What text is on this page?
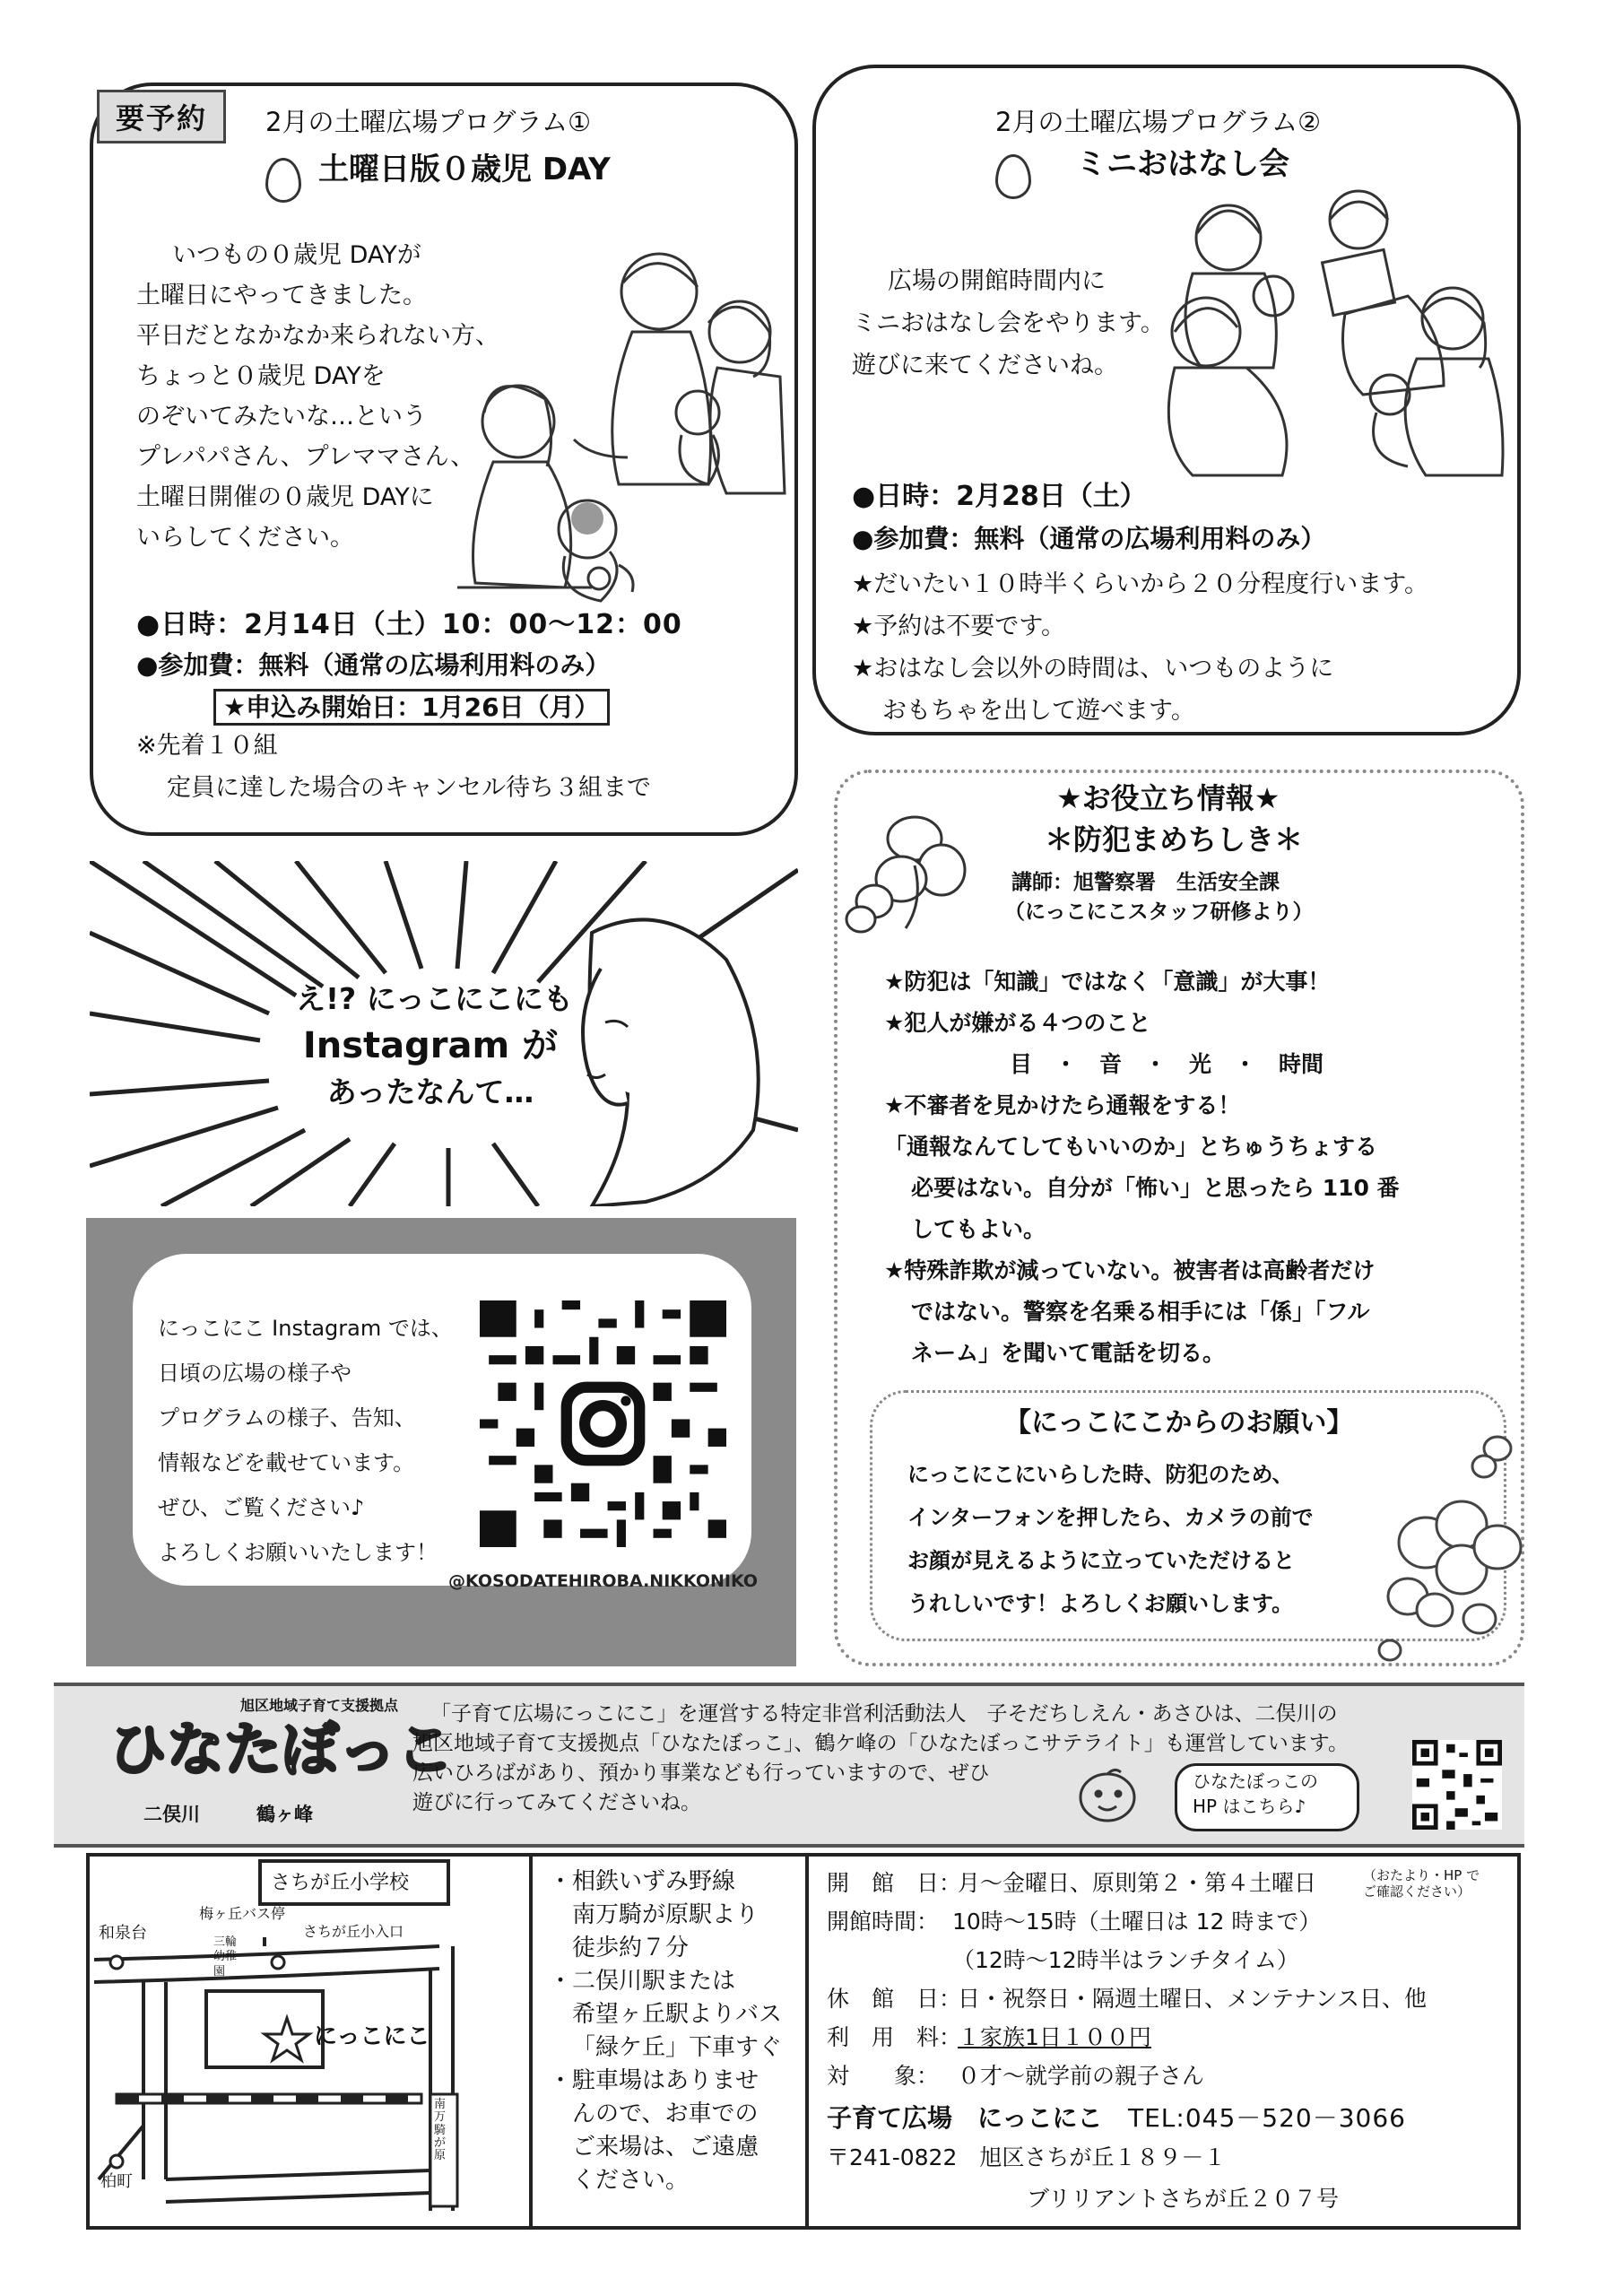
要予約	2月の土曜広場プログラム①
土曜日版０歳児 DAY
いつもの０歳児 DAYが
土曜日にやってきました。
平日だとなかなか来られない方、
ちょっと０歳児 DAYを
のぞいてみたいな…という
プレパパさん、プレママさん、
土曜日開催の０歳児 DAYに
いらしてください。
●日時：2月14日（土）10：00～12：00
●参加費：無料（通常の広場利用料のみ）
★申込み開始日：1月26日（月）
※先着１０組
定員に達した場合のキャンセル待ち３組まで
2月の土曜広場プログラム②
ミニおはなし会
広場の開館時間内に
ミニおはなし会をやります。
遊びに来てくださいね。
●日時：2月28日（土）
●参加費：無料（通常の広場利用料のみ）
★だいたい１０時半くらいから２０分程度行います。
★予約は不要です。
★おはなし会以外の時間は、いつものように
おもちゃを出して遊べます。
え!? にっこにこにも
Instagram が
あったなんて…
にっこにこ Instagram では、
日頃の広場の様子や
プログラムの様子、告知、
情報などを載せています。
ぜひ、ご覧ください♪
よろしくお願いいたします！
@KOSODATEHIROBA.NIKKONIKO
★お役立ち情報★
＊防犯まめちしき＊
講師：旭警察署　生活安全課
（にっこにこスタッフ研修より）
★防犯は「知識」ではなく「意識」が大事！
★犯人が嫌がる４つのこと
目　・　音　・　光　・　時間
★不審者を見かけたら通報をする！
「通報なんてしてもいいのか」とちゅうちょする
必要はない。自分が「怖い」と思ったら 110 番
してもよい。
★特殊詐欺が減っていない。被害者は高齢者だけ
ではない。警察を名乗る相手には「係」「フル
ネーム」を聞いて電話を切る。
【にっこにこからのお願い】
にっこにこにいらした時、防犯のため、
インターフォンを押したら、カメラの前で
お顔が見えるように立っていただけると
うれしいです！よろしくお願いします。
旭区地域子育て支援拠点
ひなたぼっこ
二俣川　　　鶴ヶ峰
「子育て広場にっこにこ」を運営する特定非営利活動法人　子そだちしえん・あさひは、二俣川の
旭区地域子育て支援拠点「ひなたぼっこ」、鶴ケ峰の「ひなたぼっこサテライト」も運営しています。
広いひろばがあり、預かり事業なども行っていますので、ぜひ
遊びに行ってみてくださいね。
ひなたぼっこの
HP はこちら♪
さちが丘小学校
三輪幼稚園
にっこにこ
和泉台
梅ヶ丘バス停
さちが丘小入口
柏町
南万騎が原
・相鉄いずみ野線
南万騎が原駅より
徒歩約７分
・二俣川駅または
希望ヶ丘駅よりバス
「緑ケ丘」下車すぐ
・駐車場はありませ
んので、お車での
ご来場は、ご遠慮
ください。
開　館　日：
月～金曜日、原則第２・第４土曜日	（おたより・HP で
ご確認ください）
開館時間： 10時～15時（土曜日は 12 時まで）
（12時～12時半はランチタイム）
休　館　日：
日・祝祭日・隔週土曜日、メンテナンス日、他
利　用　料：
１家族1日１００円
対　　象： ０才～就学前の親子さん
子育て広場　にっこにこ TEL:045－520－3066
〒241-0822　旭区さちが丘１８９－１
ブリリアントさちが丘２０７号
